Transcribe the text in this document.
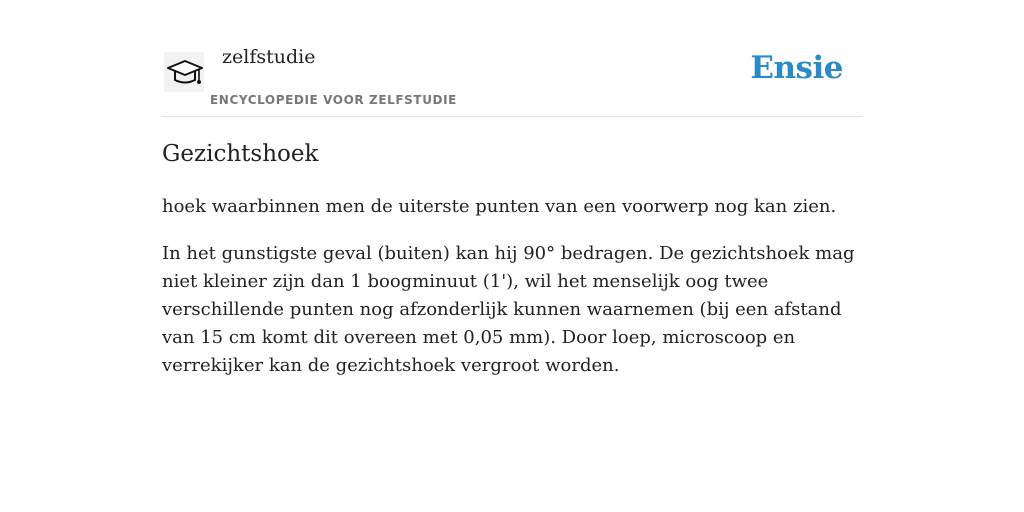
zelfstudie
ENCYCLOPEDIE VOOR ZELFSTUDIE
Ensie
Gezichtshoek

hoek waarbinnen men de uiterste punten van een voorwerp nog kan zien.

In het gunstigste geval (buiten) kan hij 90° bedragen. De gezichtshoek mag niet kleiner zijn dan 1 boogminuut (1'), wil het menselijk oog twee verschillende punten nog afzonderlijk kunnen waarnemen (bij een afstand van 15 cm komt dit overeen met 0,05 mm). Door loep, microscoop en verrekijker kan de gezichtshoek vergroot worden.
